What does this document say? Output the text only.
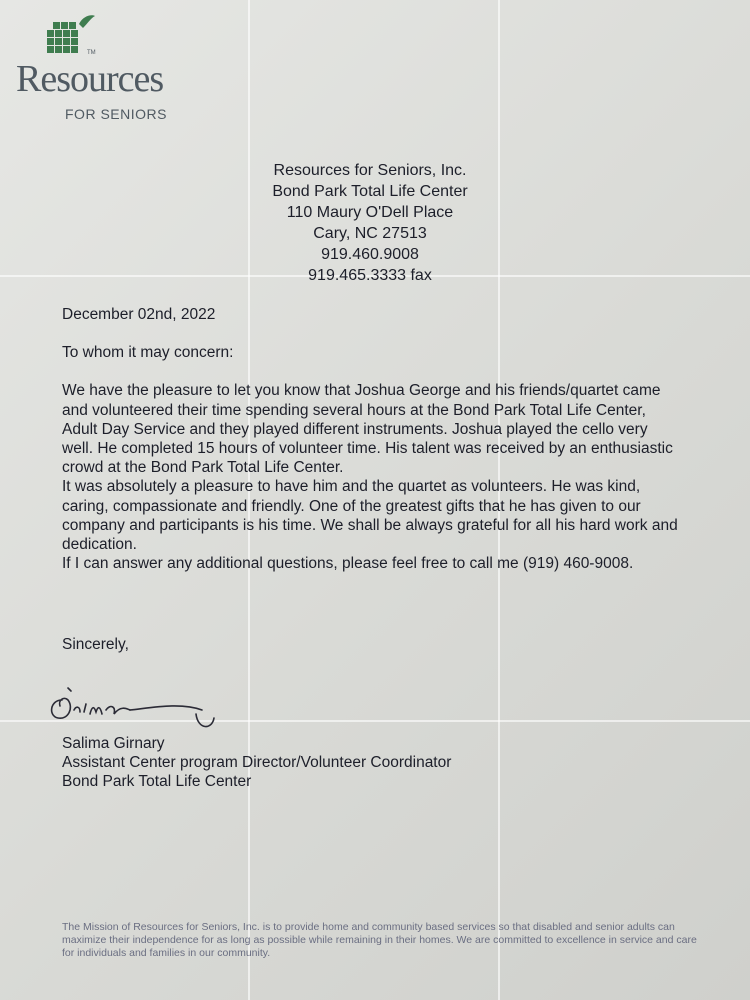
TM
Resources
FOR SENIORS
Resources for Seniors, Inc.
Bond Park Total Life Center
110 Maury O'Dell Place
Cary, NC 27513
919.460.9008
919.465.3333 fax

December 02nd, 2022

To whom it may concern:

We have the pleasure to let you know that Joshua George and his friends/quartet came and volunteered their time spending several hours at the Bond Park Total Life Center, Adult Day Service and they played different instruments. Joshua played the cello very well. He completed 15 hours of volunteer time. His talent was received by an enthusiastic crowd at the Bond Park Total Life Center.

It was absolutely a pleasure to have him and the quartet as volunteers. He was kind, caring, compassionate and friendly. One of the greatest gifts that he has given to our company and participants is his time. We shall be always grateful for all his hard work and dedication.

If I can answer any additional questions, please feel free to call me (919) 460-9008.

Sincerely,
Salima Girnary
Assistant Center program Director/Volunteer Coordinator
Bond Park Total Life Center
The Mission of Resources for Seniors, Inc. is to provide home and community based services so that disabled and senior adults can maximize their independence for as long as possible while remaining in their homes. We are committed to excellence in service and care for individuals and families in our community.
